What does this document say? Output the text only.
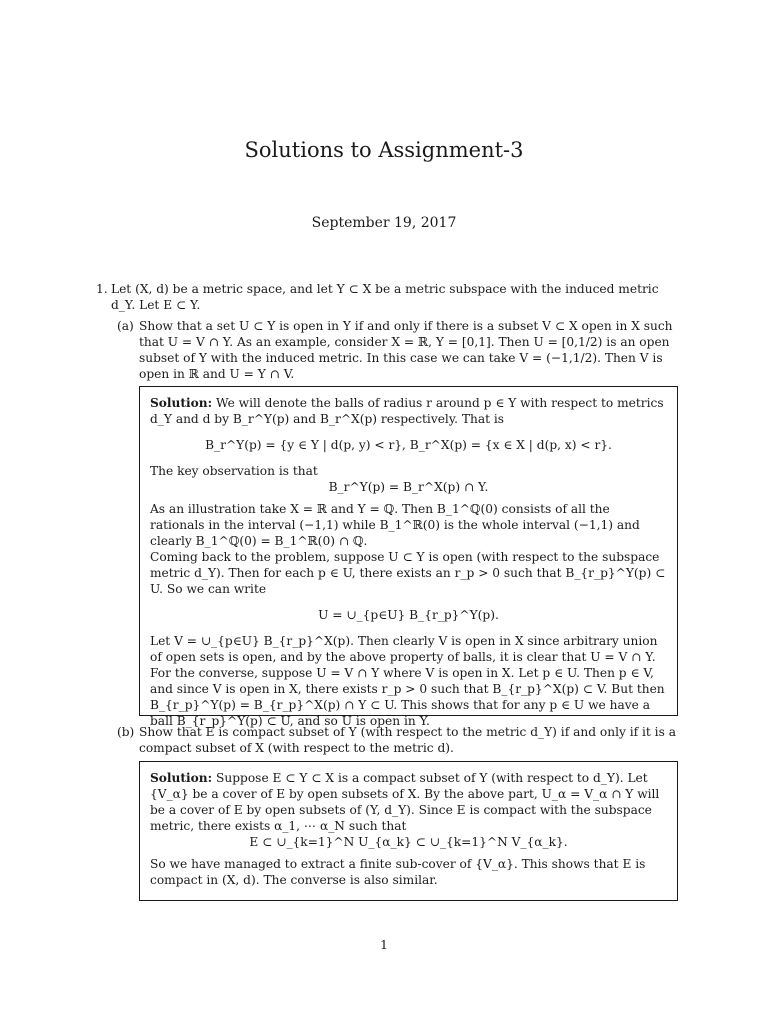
Solutions to Assignment-3
September 19, 2017
1. Let (X, d) be a metric space, and let Y ⊂ X be a metric subspace with the induced metric d_Y. Let E ⊂ Y.
(a) Show that a set U ⊂ Y is open in Y if and only if there is a subset V ⊂ X open in X such that U = V ∩ Y. As an example, consider X = ℝ, Y = [0,1]. Then U = [0,1/2) is an open subset of Y with the induced metric. In this case we can take V = (−1,1/2). Then V is open in ℝ and U = Y ∩ V.
Solution: We will denote the balls of radius r around p ∈ Y with respect to metrics d_Y and d by B_r^Y(p) and B_r^X(p) respectively. That is
B_r^Y(p) = {y ∈ Y | d(p, y) < r}, B_r^X(p) = {x ∈ X | d(p, x) < r}.
The key observation is that
B_r^Y(p) = B_r^X(p) ∩ Y.
As an illustration take X = ℝ and Y = ℚ. Then B_1^ℚ(0) consists of all the rationals in the interval (−1,1) while B_1^ℝ(0) is the whole interval (−1,1) and clearly B_1^ℚ(0) = B_1^ℝ(0) ∩ ℚ.
Coming back to the problem, suppose U ⊂ Y is open (with respect to the subspace metric d_Y). Then for each p ∈ U, there exists an r_p > 0 such that B_{r_p}^Y(p) ⊂ U. So we can write
U = ∪_{p∈U} B_{r_p}^Y(p).
Let V = ∪_{p∈U} B_{r_p}^X(p). Then clearly V is open in X since arbitrary union of open sets is open, and by the above property of balls, it is clear that U = V ∩ Y.
For the converse, suppose U = V ∩ Y where V is open in X. Let p ∈ U. Then p ∈ V, and since V is open in X, there exists r_p > 0 such that B_{r_p}^X(p) ⊂ V. But then B_{r_p}^Y(p) = B_{r_p}^X(p) ∩ Y ⊂ U. This shows that for any p ∈ U we have a ball B_{r_p}^Y(p) ⊂ U, and so U is open in Y.
(b) Show that E is compact subset of Y (with respect to the metric d_Y) if and only if it is a compact subset of X (with respect to the metric d).
Solution: Suppose E ⊂ Y ⊂ X is a compact subset of Y (with respect to d_Y). Let {V_α} be a cover of E by open subsets of X. By the above part, U_α = V_α ∩ Y will be a cover of E by open subsets of (Y, d_Y). Since E is compact with the subspace metric, there exists α_1, ⋯ α_N such that
E ⊂ ∪_{k=1}^N U_{α_k} ⊂ ∪_{k=1}^N V_{α_k}.
So we have managed to extract a finite sub-cover of {V_α}. This shows that E is compact in (X, d). The converse is also similar.
1
